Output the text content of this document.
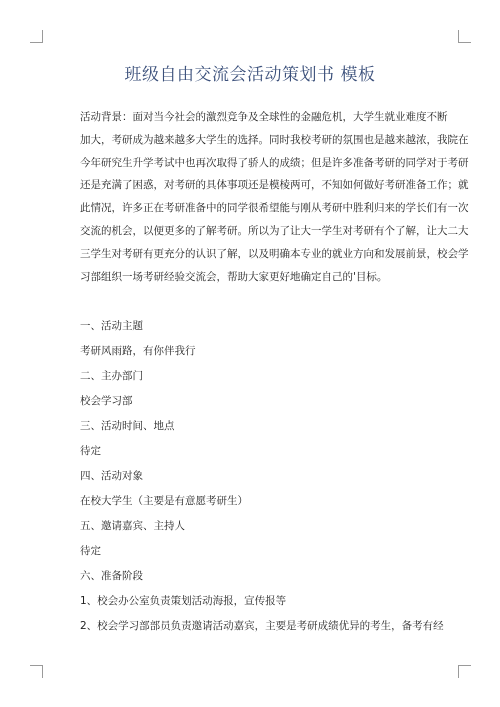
班级自由交流会活动策划书 模板
活动背景：面对当今社会的激烈竞争及全球性的金融危机，大学生就业难度不断
加大，考研成为越来越多大学生的选择。同时我校考研的氛围也是越来越浓，我院在
今年研究生升学考试中也再次取得了骄人的成绩；但是许多准备考研的同学对于考研
还是充满了困惑，对考研的具体事项还是模棱两可，不知如何做好考研准备工作；就
此情况，许多正在考研准备中的同学很希望能与刚从考研中胜利归来的学长们有一次
交流的机会，以便更多的了解考研。所以为了让大一学生对考研有个了解，让大二大
三学生对考研有更充分的认识了解，以及明确本专业的就业方向和发展前景，校会学
习部组织一场考研经验交流会，帮助大家更好地确定自己的'目标。
一、活动主题
考研风雨路，有你伴我行
二、主办部门
校会学习部
三、活动时间、地点
待定
四、活动对象
在校大学生（主要是有意愿考研生）
五、邀请嘉宾、主持人
待定
六、准备阶段
1、校会办公室负责策划活动海报，宣传报等
2、校会学习部部员负责邀请活动嘉宾，主要是考研成绩优异的考生，备考有经
